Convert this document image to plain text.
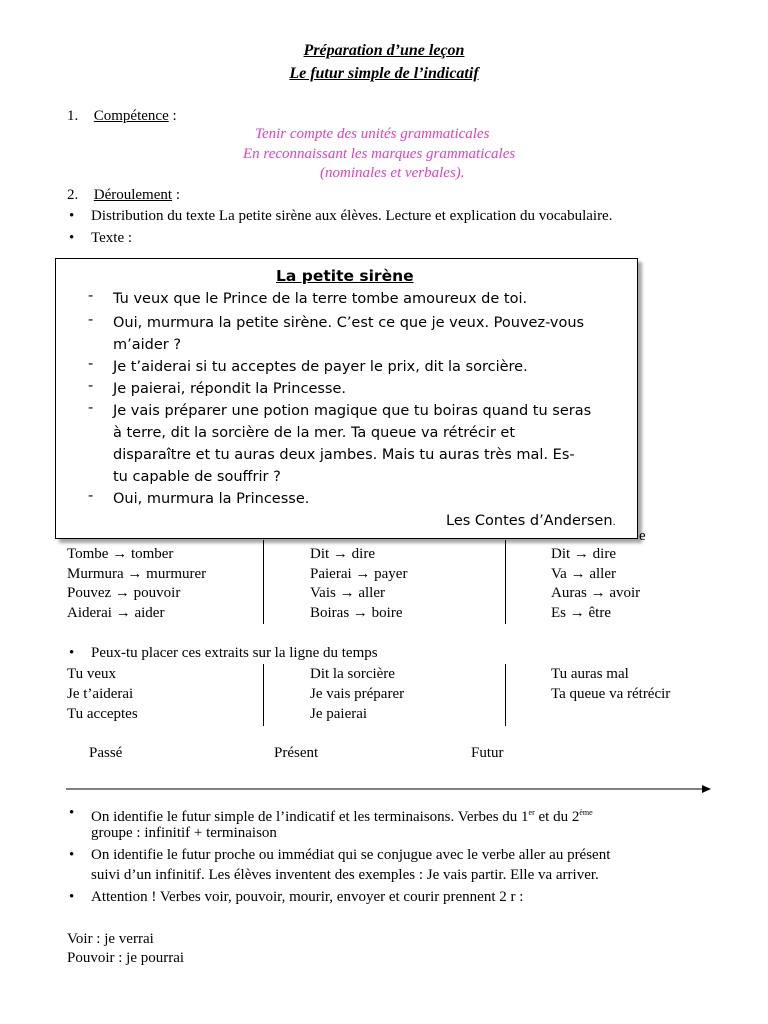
Préparation d’une leçon
Le futur simple de l’indicatif
1. Compétence :
Tenir compte des unités grammaticales
En reconnaissant les marques grammaticales
(nominales et verbales).
2. Déroulement :
• Distribution du texte La petite sirène aux élèves. Lecture et explication du vocabulaire.
• Texte :
e
La petite sirène
- Tu veux que le Prince de la terre tombe amoureux de toi.
- Oui, murmura la petite sirène. C’est ce que je veux. Pouvez-vous
m’aider ?
- Je t’aiderai si tu acceptes de payer le prix, dit la sorcière.
- Je paierai, répondit la Princesse.
- Je vais préparer une potion magique que tu boiras quand tu seras
à terre, dit la sorcière de la mer. Ta queue va rétrécir et
disparaître et tu auras deux jambes. Mais tu auras très mal. Es-
tu capable de souffrir ?
- Oui, murmura la Princesse.
Les Contes d’Andersen.
Tombe → tomber
Murmura → murmurer
Pouvez → pouvoir
Aiderai → aider
Dit → dire
Paierai → payer
Vais → aller
Boiras → boire
Dit → dire
Va → aller
Auras → avoir
Es → être
• Peux-tu placer ces extraits sur la ligne du temps
Tu veux
Je t’aiderai
Tu acceptes
Dit la sorcière
Je vais préparer
Je paierai
Tu auras mal
Ta queue va rétrécir
Passé	Présent	Futur
• On identifie le futur simple de l’indicatif et les terminaisons. Verbes du 1er et du 2ème
groupe : infinitif + terminaison
• On identifie le futur proche ou immédiat qui se conjugue avec le verbe aller au présent
suivi d’un infinitif. Les élèves inventent des exemples : Je vais partir. Elle va arriver.
• Attention ! Verbes voir, pouvoir, mourir, envoyer et courir prennent 2 r :
Voir : je verrai
Pouvoir : je pourrai
